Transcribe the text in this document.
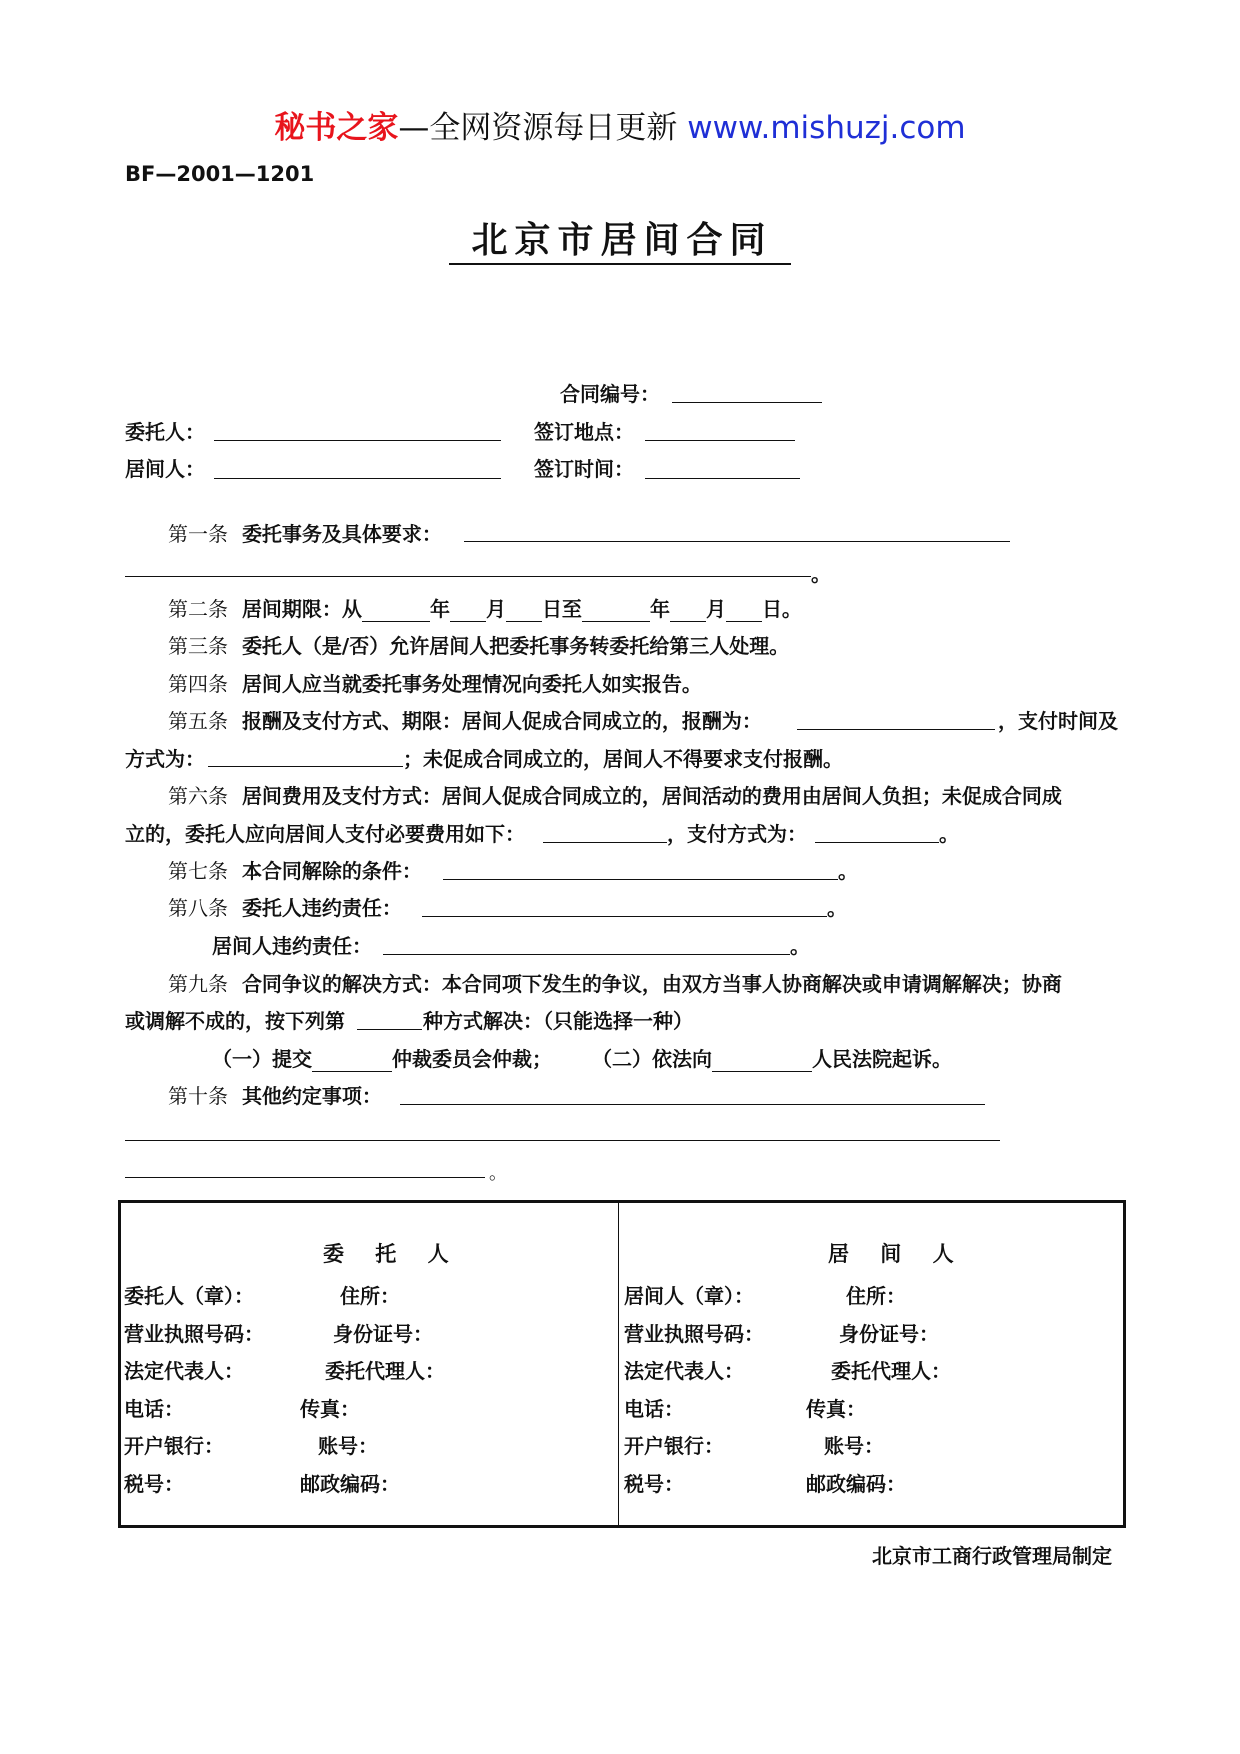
秘书之家—全网资源每日更新 www.mishuzj.com
BF—2001—1201
北京市居间合同
合同编号：
委托人：	签订地点：
居间人：	签订时间：
第一条 委托事务及具体要求：
。
第二条 居间期限：从	年 月 日至	年 月 日。
第三条 委托人（是/否）允许居间人把委托事务转委托给第三人处理。
第四条 居间人应当就委托事务处理情况向委托人如实报告。
第五条 报酬及支付方式、期限：居间人促成合同成立的，报酬为：	，支付时间及
方式为：	；未促成合同成立的，居间人不得要求支付报酬。
第六条 居间费用及支付方式：居间人促成合同成立的，居间活动的费用由居间人负担；未促成合同成
立的，委托人应向居间人支付必要费用如下：	，支付方式为：	。
第七条 本合同解除的条件：	。
第八条 委托人违约责任：	。
居间人违约责任：	。
第九条 合同争议的解决方式：本合同项下发生的争议，由双方当事人协商解决或申请调解解决；协商
或调解不成的，按下列第	种方式解决：（只能选择一种）
（一）提交	仲裁委员会仲裁； （二）依法向	人民法院起诉。
第十条 其他约定事项：
。
委 托 人	居 间 人
委托人（章）：	住所：
营业执照号码：	身份证号：
法定代表人：	委托代理人：
电话：	传真：
开户银行：	账号：
税号：	邮政编码：
居间人（章）：	住所：
营业执照号码：	身份证号：
法定代表人：	委托代理人：
电话：	传真：
开户银行：	账号：
税号：	邮政编码：
北京市工商行政管理局制定
